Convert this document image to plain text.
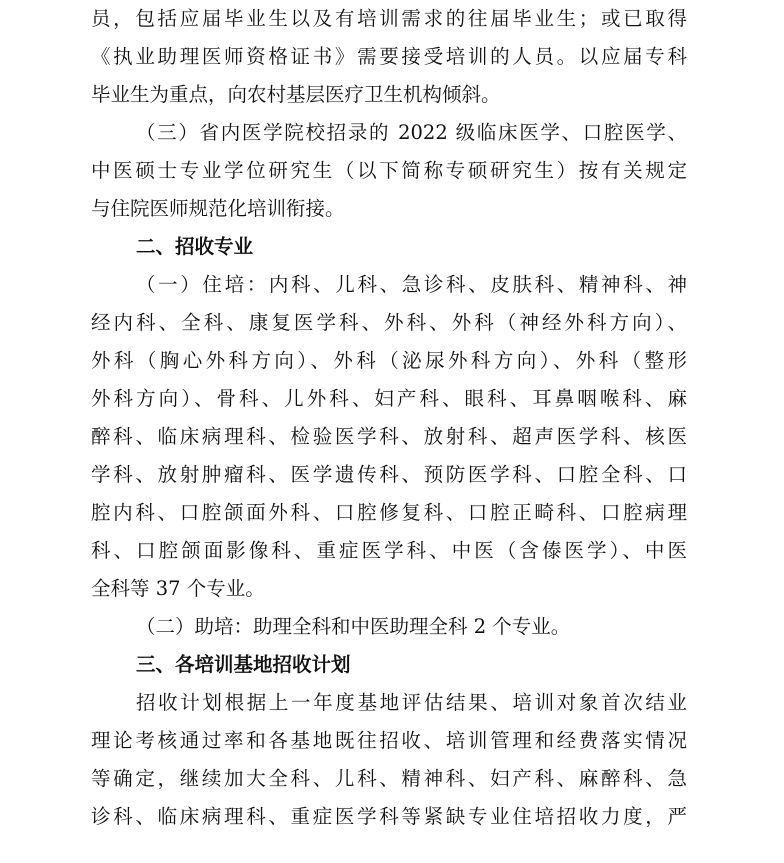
员，包括应届毕业生以及有培训需求的往届毕业生；或已取得
《执业助理医师资格证书》需要接受培训的人员。以应届专科
毕业生为重点，向农村基层医疗卫生机构倾斜。
（三）省内医学院校招录的 2022 级临床医学、口腔医学、
中医硕士专业学位研究生（以下简称专硕研究生）按有关规定
与住院医师规范化培训衔接。
二、招收专业
（一）住培：内科、儿科、急诊科、皮肤科、精神科、神
经内科、全科、康复医学科、外科、外科（神经外科方向）、
外科（胸心外科方向）、外科（泌尿外科方向）、外科（整形
外科方向）、骨科、儿外科、妇产科、眼科、耳鼻咽喉科、麻
醉科、临床病理科、检验医学科、放射科、超声医学科、核医
学科、放射肿瘤科、医学遗传科、预防医学科、口腔全科、口
腔内科、口腔颌面外科、口腔修复科、口腔正畸科、口腔病理
科、口腔颌面影像科、重症医学科、中医（含傣医学）、中医
全科等 37 个专业。
（二）助培：助理全科和中医助理全科 2 个专业。
三、各培训基地招收计划
招收计划根据上一年度基地评估结果、培训对象首次结业
理论考核通过率和各基地既往招收、培训管理和经费落实情况
等确定，继续加大全科、儿科、精神科、妇产科、麻醉科、急
诊科、临床病理科、重症医学科等紧缺专业住培招收力度，严
